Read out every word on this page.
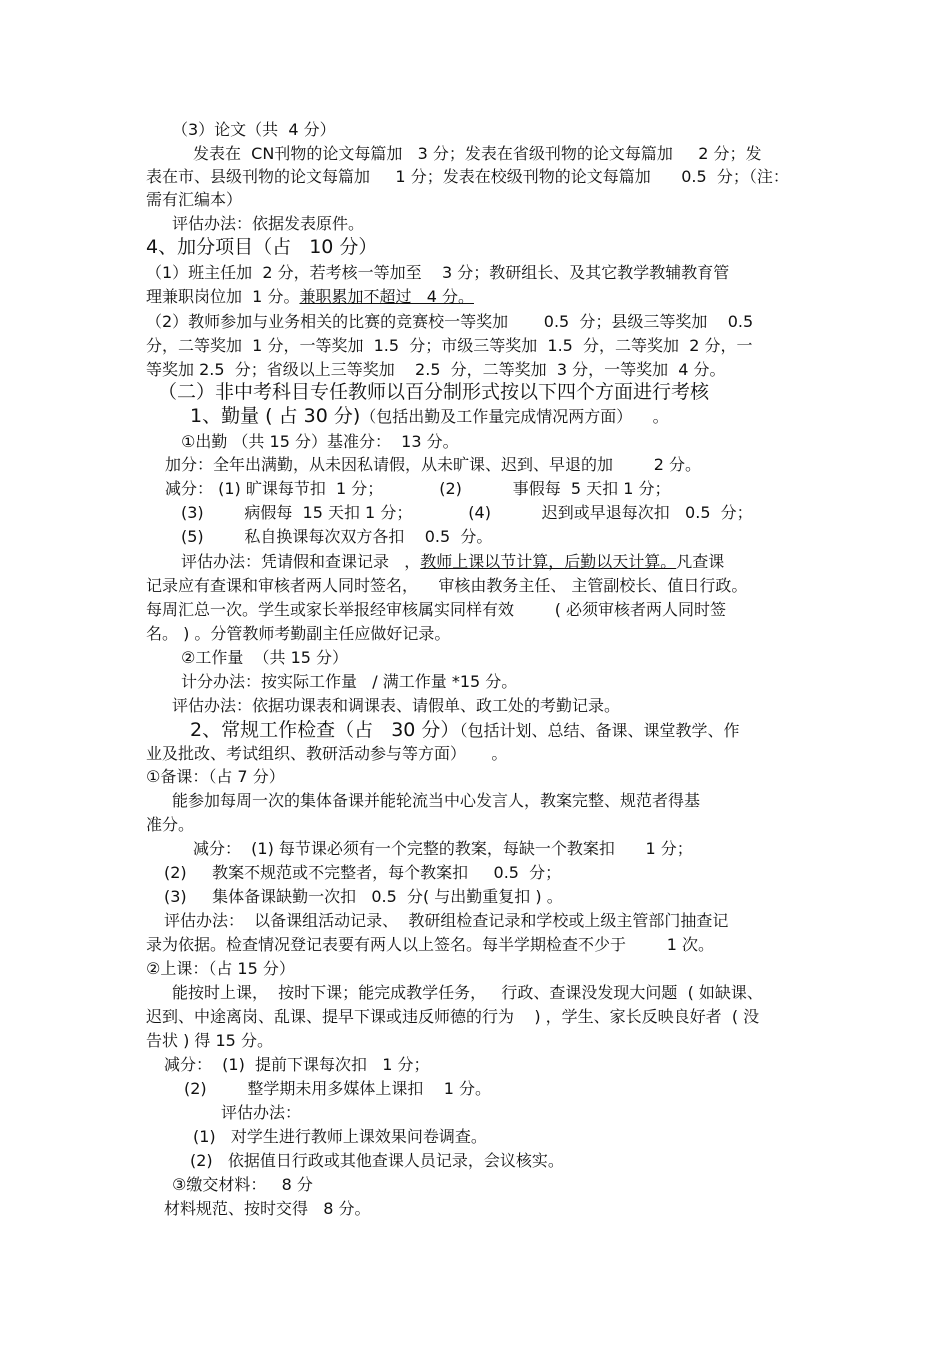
（3）论文（共  4 分）
发表在  CN刊物的论文每篇加   3 分；发表在省级刊物的论文每篇加     2 分；发
表在市、县级刊物的论文每篇加     1 分；发表在校级刊物的论文每篇加      0.5  分；（注：
需有汇编本）
评估办法：依据发表原件。
4、加分项目（占   10 分）
（1）班主任加  2 分，若考核一等加至    3 分；教研组长、及其它教学教辅教育管
理兼职岗位加  1 分。兼职累加不超过   4 分。
（2）教师参加与业务相关的比赛的竞赛校一等奖加       0.5  分；县级三等奖加    0.5
分，二等奖加  1 分，一等奖加  1.5  分；市级三等奖加  1.5  分，二等奖加  2 分，一
等奖加 2.5  分；省级以上三等奖加    2.5  分，二等奖加  3 分，一等奖加  4 分。
（二）非中考科目专任教师以百分制形式按以下四个方面进行考核
1、勤量 ( 占 30 分)（包括出勤及工作量完成情况两方面）    。
①出勤 （共 15 分）基准分：  13 分。
加分：全年出满勤，从未因私请假，从未旷课、迟到、早退的加        2 分。
减分： (1) 旷课每节扣  1 分；           (2)          事假每  5 天扣 1 分；
(3)        病假每  15 天扣 1 分；           (4)          迟到或早退每次扣   0.5  分；
(5)        私自换课每次双方各扣    0.5  分。
评估办法：凭请假和查课记录   ，教师上课以节计算，后勤以天计算。凡查课
记录应有查课和审核者两人同时签名，    审核由教务主任、 主管副校长、值日行政。
每周汇总一次。学生或家长举报经审核属实同样有效        ( 必须审核者两人同时签
名。 ) 。分管教师考勤副主任应做好记录。
②工作量  （共 15 分）
计分办法：按实际工作量   / 满工作量 *15 分。
评估办法：依据功课表和调课表、请假单、政工处的考勤记录。
2、常规工作检查（占   30 分）（包括计划、总结、备课、课堂教学、作
业及批改、考试组织、教研活动参与等方面）     。
①备课：（占 7 分）
能参加每周一次的集体备课并能轮流当中心发言人，教案完整、规范者得基
准分。
减分：  (1) 每节课必须有一个完整的教案，每缺一个教案扣      1 分；
(2)     教案不规范或不完整者，每个教案扣     0.5  分；
(3)     集体备课缺勤一次扣   0.5  分( 与出勤重复扣 ) 。
评估办法：  以备课组活动记录、  教研组检查记录和学校或上级主管部门抽查记
录为依据。检查情况登记表要有两人以上签名。每半学期检查不少于        1 次。
②上课：（占 15 分）
能按时上课，  按时下课；能完成教学任务，   行政、查课没发现大问题  ( 如缺课、
迟到、中途离岗、乱课、提早下课或违反师德的行为    ) ，学生、家长反映良好者  ( 没
告状 ) 得 15 分。
减分：  (1)  提前下课每次扣   1 分；
(2)        整学期未用多媒体上课扣    1 分。
评估办法：
(1)   对学生进行教师上课效果问卷调查。
(2)   依据值日行政或其他查课人员记录，会议核实。
③缴交材料：   8 分
材料规范、按时交得   8 分。
